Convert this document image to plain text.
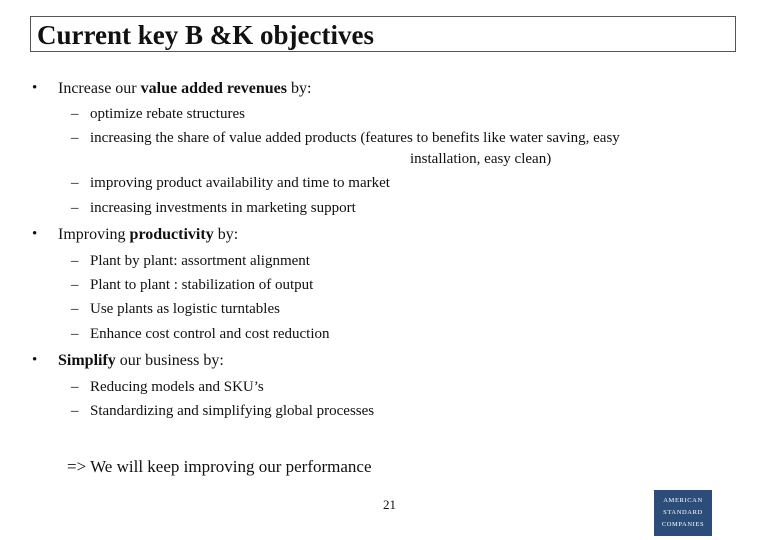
Current key B &K objectives
• Increase our value added revenues by:
– optimize rebate structures
– increasing the share of value added products (features to benefits like water saving, easy
installation, easy clean)
– improving product availability and time to market
– increasing investments in marketing support
• Improving productivity by:
– Plant by plant: assortment alignment
– Plant to plant : stabilization of output
– Use plants as logistic turntables
– Enhance cost control and cost reduction
• Simplify our business by:
– Reducing models and SKU’s
– Standardizing and simplifying global processes
=> We will keep improving our performance
21	AMERICAN
STANDARD
COMPANIES
